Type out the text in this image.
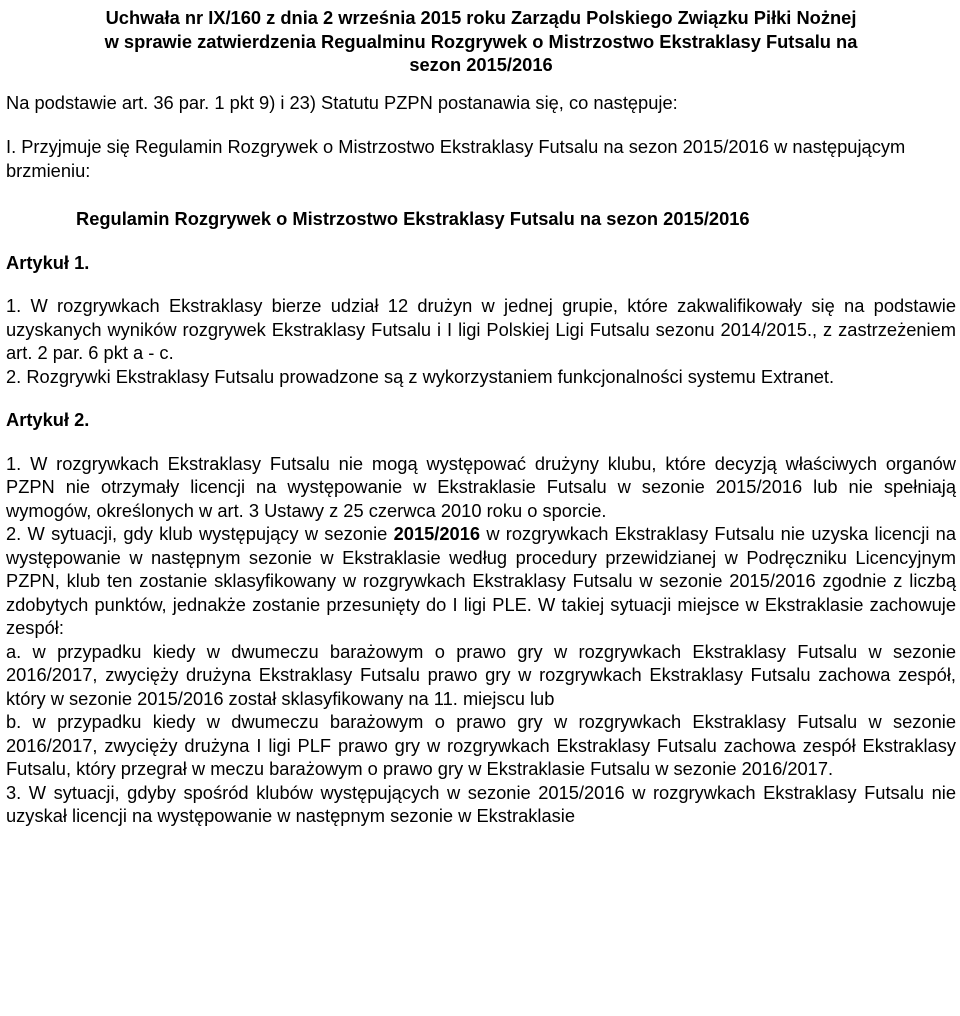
Uchwała nr IX/160 z dnia 2 września 2015 roku Zarządu Polskiego Związku Piłki Nożnej
w sprawie zatwierdzenia Regualminu Rozgrywek o Mistrzostwo Ekstraklasy Futsalu na
sezon 2015/2016

Na podstawie art. 36 par. 1 pkt 9) i 23) Statutu PZPN postanawia się, co następuje:

I. Przyjmuje się Regulamin Rozgrywek o Mistrzostwo Ekstraklasy Futsalu na sezon 2015/2016 w następującym brzmieniu:

Regulamin Rozgrywek o Mistrzostwo Ekstraklasy Futsalu na sezon 2015/2016

Artykuł 1.

1. W rozgrywkach Ekstraklasy bierze udział 12 drużyn w jednej grupie, które zakwalifikowały się na podstawie uzyskanych wyników rozgrywek Ekstraklasy Futsalu i I ligi Polskiej Ligi Futsalu sezonu 2014/2015., z zastrzeżeniem art. 2 par. 6 pkt a - c.

2. Rozgrywki Ekstraklasy Futsalu prowadzone są z wykorzystaniem funkcjonalności systemu Extranet.

Artykuł 2.

1. W rozgrywkach Ekstraklasy Futsalu nie mogą występować drużyny klubu, które decyzją właściwych organów PZPN nie otrzymały licencji na występowanie w Ekstraklasie Futsalu w sezonie 2015/2016 lub nie spełniają wymogów, określonych w art. 3 Ustawy z 25 czerwca 2010 roku o sporcie.

2. W sytuacji, gdy klub występujący w sezonie 2015/2016 w rozgrywkach Ekstraklasy Futsalu nie uzyska licencji na występowanie w następnym sezonie w Ekstraklasie według procedury przewidzianej w Podręczniku Licencyjnym PZPN, klub ten zostanie sklasyfikowany w rozgrywkach Ekstraklasy Futsalu w sezonie 2015/2016 zgodnie z liczbą zdobytych punktów, jednakże zostanie przesunięty do I ligi PLE. W takiej sytuacji miejsce w Ekstraklasie zachowuje zespół:

a. w przypadku kiedy w dwumeczu barażowym o prawo gry w rozgrywkach Ekstraklasy Futsalu w sezonie 2016/2017, zwycięży drużyna Ekstraklasy Futsalu prawo gry w rozgrywkach Ekstraklasy Futsalu zachowa zespół, który w sezonie 2015/2016 został sklasyfikowany na 11. miejscu lub

b. w przypadku kiedy w dwumeczu barażowym o prawo gry w rozgrywkach Ekstraklasy Futsalu w sezonie 2016/2017, zwycięży drużyna I ligi PLF prawo gry w rozgrywkach Ekstraklasy Futsalu zachowa zespół Ekstraklasy Futsalu, który przegrał w meczu barażowym o prawo gry w Ekstraklasie Futsalu w sezonie 2016/2017.

3. W sytuacji, gdyby spośród klubów występujących w sezonie 2015/2016 w rozgrywkach Ekstraklasy Futsalu nie uzyskał licencji na występowanie w następnym sezonie w Ekstraklasie
